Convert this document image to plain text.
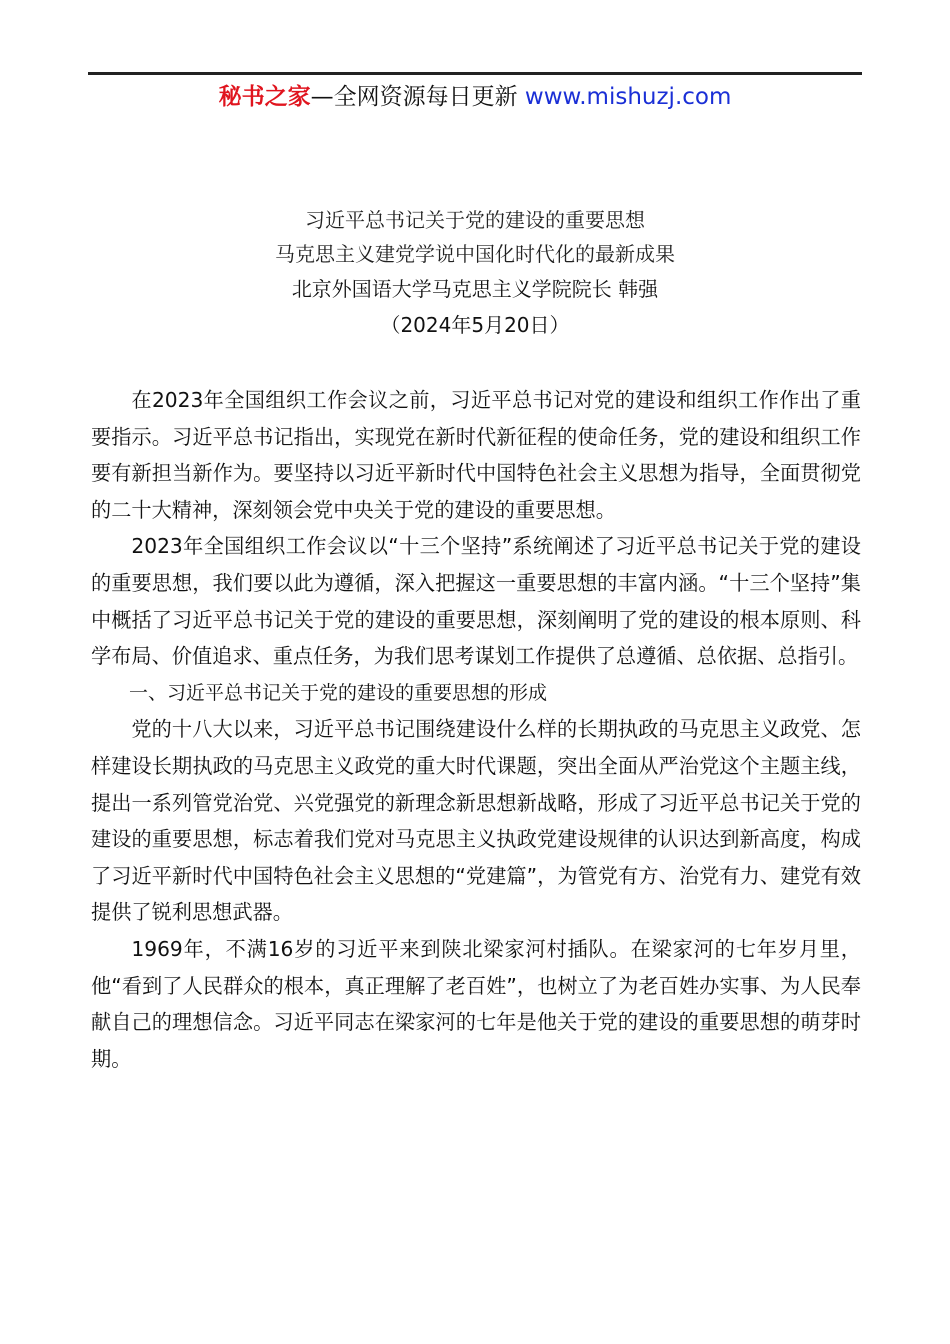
秘书之家—全网资源每日更新 www.mishuzj.com
习近平总书记关于党的建设的重要思想
马克思主义建党学说中国化时代化的最新成果
北京外国语大学马克思主义学院院长 韩强
（2024年5月20日）

在2023年全国组织工作会议之前，习近平总书记对党的建设和组织工作作出了重要指示。习近平总书记指出，实现党在新时代新征程的使命任务，党的建设和组织工作要有新担当新作为。要坚持以习近平新时代中国特色社会主义思想为指导，全面贯彻党的二十大精神，深刻领会党中央关于党的建设的重要思想。

2023年全国组织工作会议以“十三个坚持”系统阐述了习近平总书记关于党的建设的重要思想，我们要以此为遵循，深入把握这一重要思想的丰富内涵。“十三个坚持”集中概括了习近平总书记关于党的建设的重要思想，深刻阐明了党的建设的根本原则、科学布局、价值追求、重点任务，为我们思考谋划工作提供了总遵循、总依据、总指引。

一、习近平总书记关于党的建设的重要思想的形成

党的十八大以来，习近平总书记围绕建设什么样的长期执政的马克思主义政党、怎样建设长期执政的马克思主义政党的重大时代课题，突出全面从严治党这个主题主线，提出一系列管党治党、兴党强党的新理念新思想新战略，形成了习近平总书记关于党的建设的重要思想，标志着我们党对马克思主义执政党建设规律的认识达到新高度，构成了习近平新时代中国特色社会主义思想的“党建篇”，为管党有方、治党有力、建党有效提供了锐利思想武器。

1969年，不满16岁的习近平来到陕北梁家河村插队。在梁家河的七年岁月里，他“看到了人民群众的根本，真正理解了老百姓”，也树立了为老百姓办实事、为人民奉献自己的理想信念。习近平同志在梁家河的七年是他关于党的建设的重要思想的萌芽时期。
